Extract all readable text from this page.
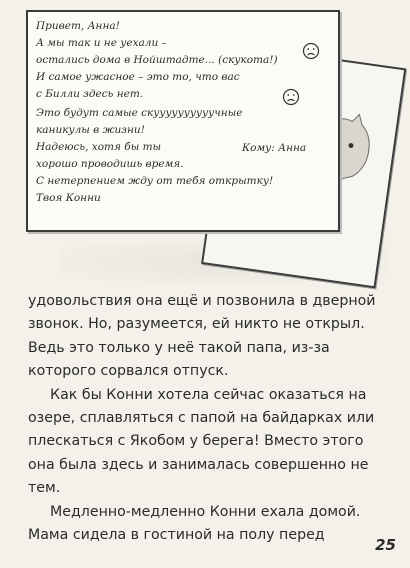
Привет, Анна!
А мы так и не уехали –
остались дома в Нойштадте... (скукота!)
И самое ужасное – это то, что вас
с Билли здесь нет.
Это будут самые скуууууууууучные
каникулы в жизни!
Надеюсь, хотя бы ты
хорошо проводишь время.
С нетерпением жду от тебя открытку!
Твоя Конни
Кому: Анна

удовольствия она ещё и позвонила в дверной звонок. Но, разумеется, ей никто не открыл. Ведь это только у неё такой папа, из-за которого сорвался отпуск.

Как бы Конни хотела сейчас оказаться на озере, сплавляться с папой на байдарках или плескаться с Якобом у берега! Вместо этого она была здесь и занималась совершенно не тем.

Медленно-медленно Конни ехала домой. Мама сидела в гостиной на полу перед

25
